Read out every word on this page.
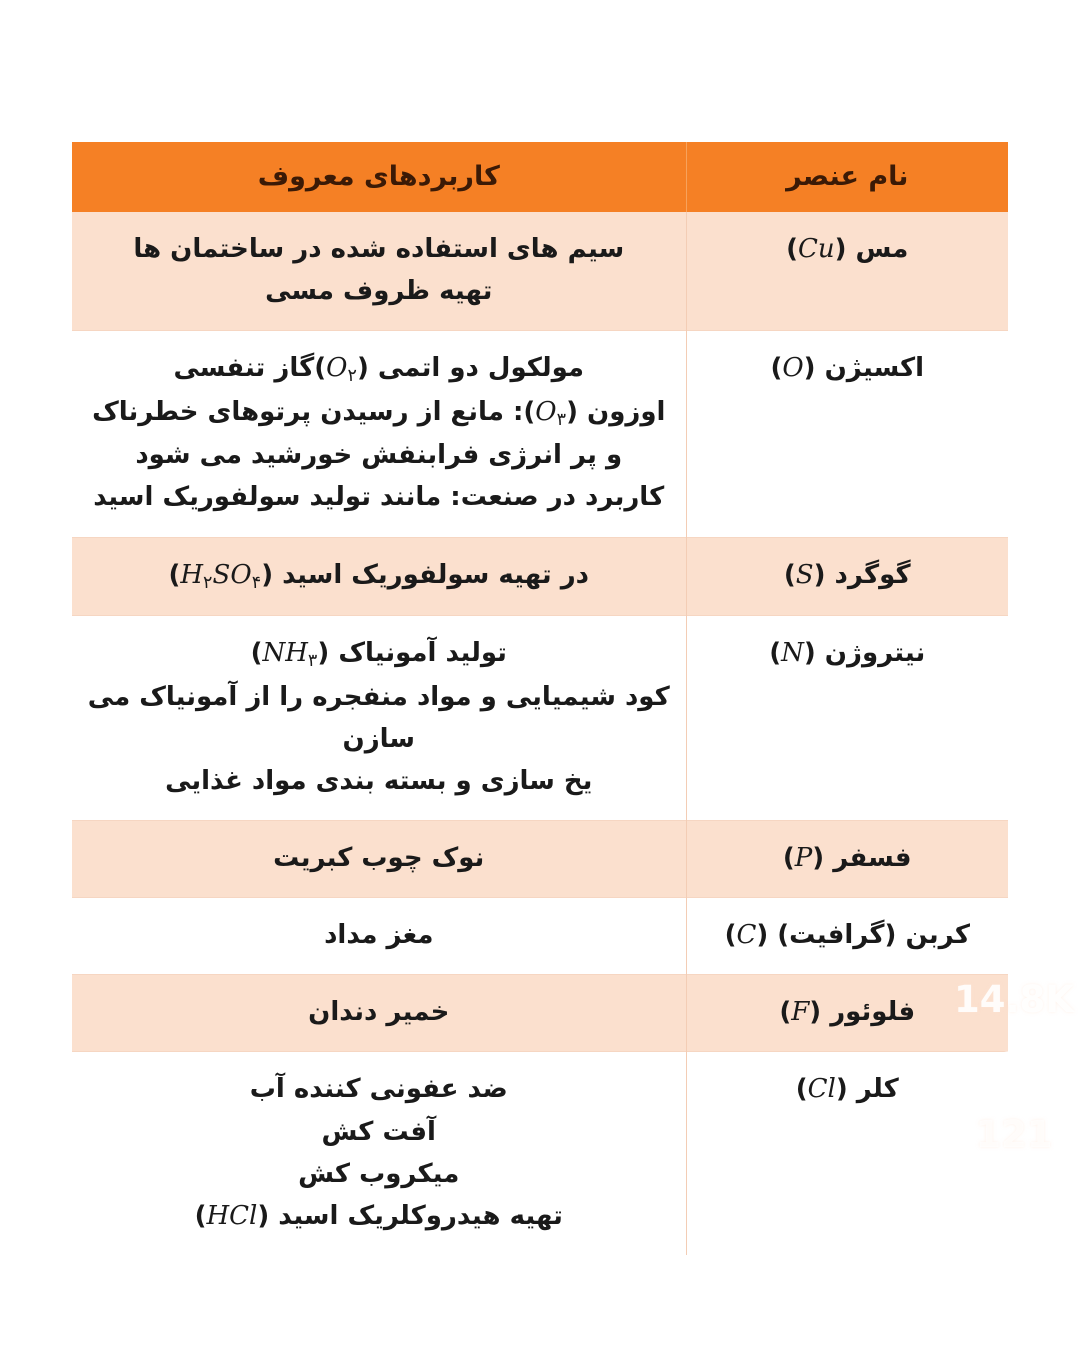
نام عنصر	کاربردهای معروف
مس (Cu)	سیم های استفاده شده در ساختمان ها
تهیه ظروف مسی

اکسیژن (O)	مولکول دو اتمی $(O_۲)گاز$ تنفسی
اوزون $(O_۳)$: مانع از رسیدن پرتوهای خطرناک
و پر انرژی فرابنفش خورشید می شود
کاربرد در صنعت: مانند تولید سولفوریک اسید

گوگرد (S)	در تهیه سولفوریک اسید $(H_۲SO_۴)$

نیتروژن (N)	تولید آمونیاک $(NH_۳)$
کود شیمیایی و مواد منفجره را از آمونیاک می
سازن
یخ سازی و بسته بندی مواد غذایی

فسفر (P)	نوک چوب کبریت

کربن (گرافیت) (C)	مغز مداد

فلوئور (F)	خمیر دندان

کلر (Cl)	ضد عفونی کننده آب
آفت کش
میکروب کش
تهیه هیدروکلریک اسید (HCl)
14.8K
121
